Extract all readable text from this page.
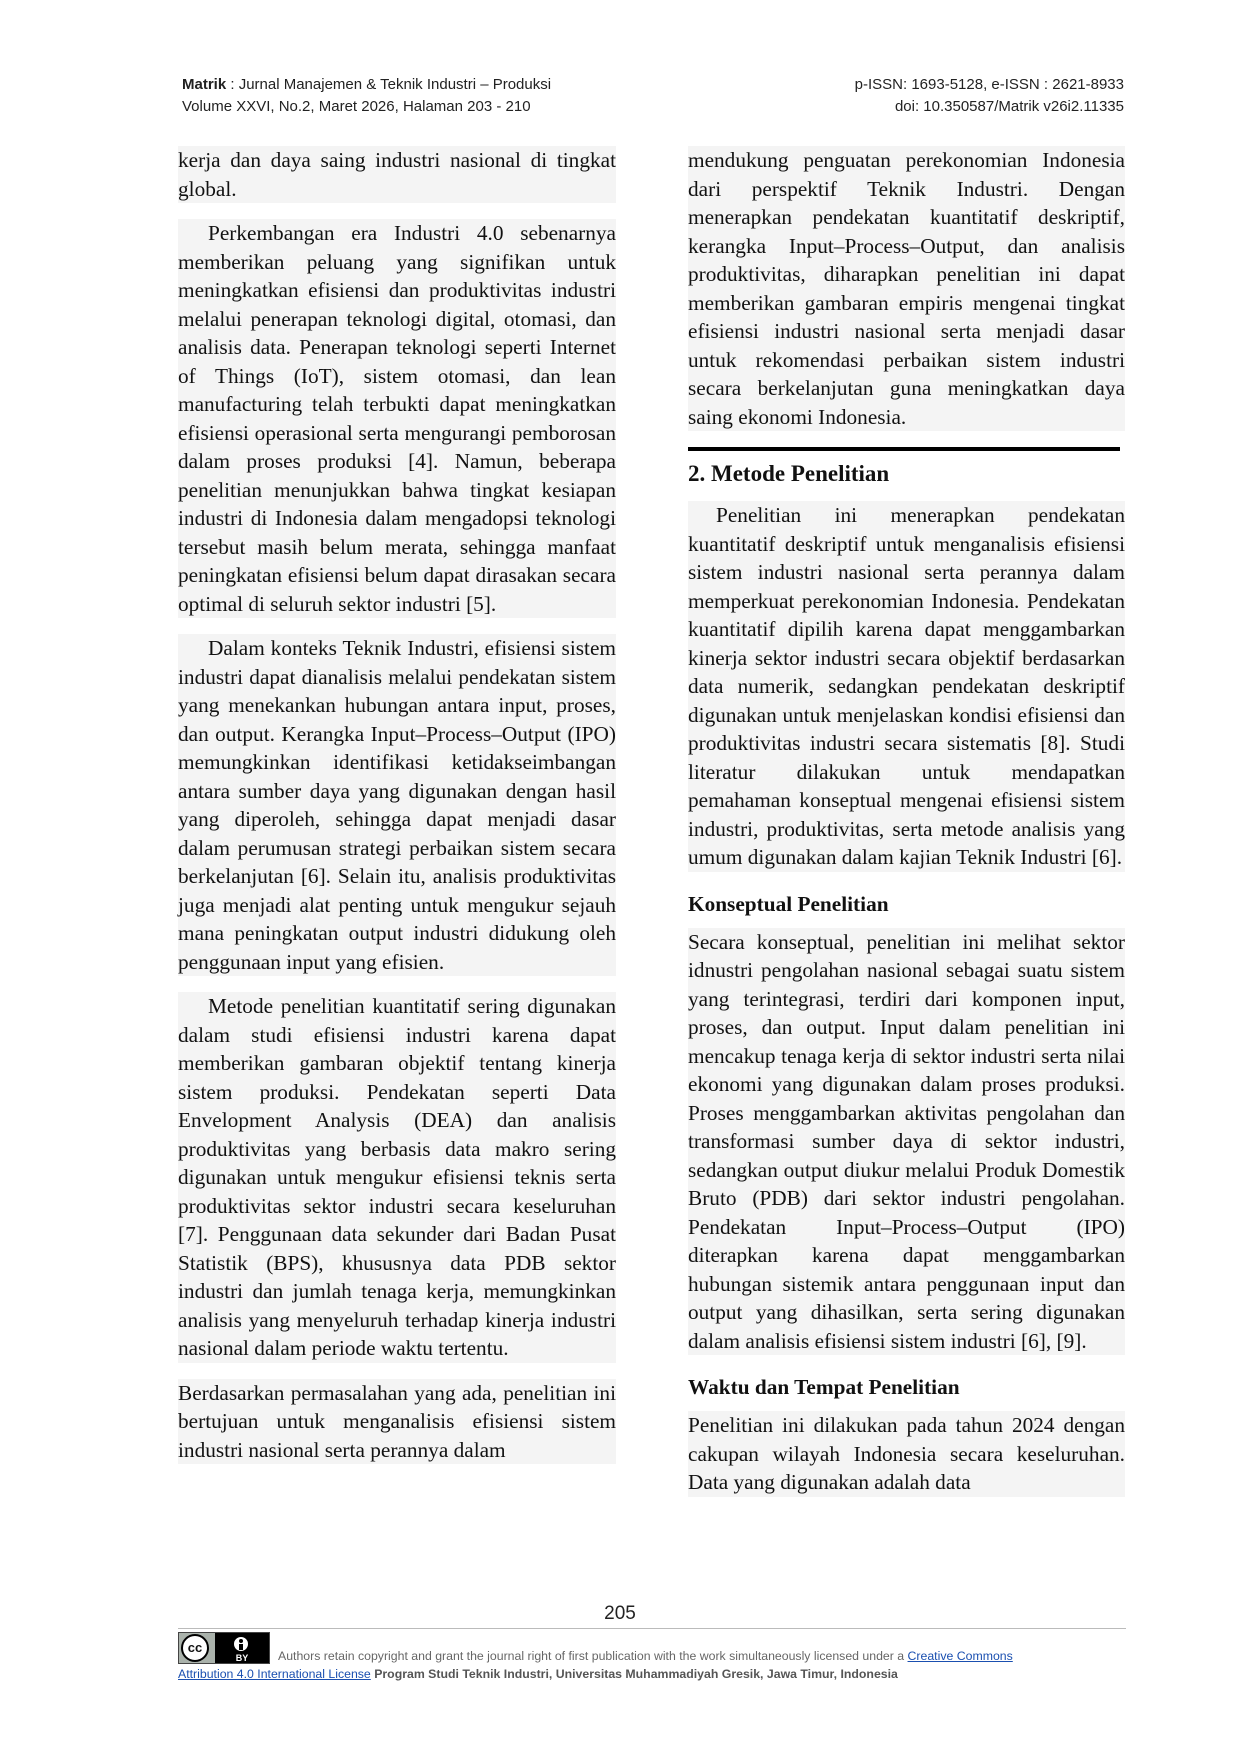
Matrik : Jurnal Manajemen & Teknik Industri – Produksi
Volume XXVI, No.2, Maret 2026, Halaman 203 - 210
p-ISSN: 1693-5128, e-ISSN : 2621-8933
doi: 10.350587/Matrik v26i2.11335

kerja dan daya saing industri nasional di tingkat global.

Perkembangan era Industri 4.0 sebenarnya memberikan peluang yang signifikan untuk meningkatkan efisiensi dan produktivitas industri melalui penerapan teknologi digital, otomasi, dan analisis data. Penerapan teknologi seperti Internet of Things (IoT), sistem otomasi, dan lean manufacturing telah terbukti dapat meningkatkan efisiensi operasional serta mengurangi pemborosan dalam proses produksi [4]. Namun, beberapa penelitian menunjukkan bahwa tingkat kesiapan industri di Indonesia dalam mengadopsi teknologi tersebut masih belum merata, sehingga manfaat peningkatan efisiensi belum dapat dirasakan secara optimal di seluruh sektor industri [5].

Dalam konteks Teknik Industri, efisiensi sistem industri dapat dianalisis melalui pendekatan sistem yang menekankan hubungan antara input, proses, dan output. Kerangka Input–Process–Output (IPO) memungkinkan identifikasi ketidakseimbangan antara sumber daya yang digunakan dengan hasil yang diperoleh, sehingga dapat menjadi dasar dalam perumusan strategi perbaikan sistem secara berkelanjutan [6]. Selain itu, analisis produktivitas juga menjadi alat penting untuk mengukur sejauh mana peningkatan output industri didukung oleh penggunaan input yang efisien.

Metode penelitian kuantitatif sering digunakan dalam studi efisiensi industri karena dapat memberikan gambaran objektif tentang kinerja sistem produksi. Pendekatan seperti Data Envelopment Analysis (DEA) dan analisis produktivitas yang berbasis data makro sering digunakan untuk mengukur efisiensi teknis serta produktivitas sektor industri secara keseluruhan [7]. Penggunaan data sekunder dari Badan Pusat Statistik (BPS), khususnya data PDB sektor industri dan jumlah tenaga kerja, memungkinkan analisis yang menyeluruh terhadap kinerja industri nasional dalam periode waktu tertentu.

Berdasarkan permasalahan yang ada, penelitian ini bertujuan untuk menganalisis efisiensi sistem industri nasional serta perannya dalam

mendukung penguatan perekonomian Indonesia dari perspektif Teknik Industri. Dengan menerapkan pendekatan kuantitatif deskriptif, kerangka Input–Process–Output, dan analisis produktivitas, diharapkan penelitian ini dapat memberikan gambaran empiris mengenai tingkat efisiensi industri nasional serta menjadi dasar untuk rekomendasi perbaikan sistem industri secara berkelanjutan guna meningkatkan daya saing ekonomi Indonesia.

2. Metode Penelitian

Penelitian ini menerapkan pendekatan kuantitatif deskriptif untuk menganalisis efisiensi sistem industri nasional serta perannya dalam memperkuat perekonomian Indonesia. Pendekatan kuantitatif dipilih karena dapat menggambarkan kinerja sektor industri secara objektif berdasarkan data numerik, sedangkan pendekatan deskriptif digunakan untuk menjelaskan kondisi efisiensi dan produktivitas industri secara sistematis [8]. Studi literatur dilakukan untuk mendapatkan pemahaman konseptual mengenai efisiensi sistem industri, produktivitas, serta metode analisis yang umum digunakan dalam kajian Teknik Industri [6].

Konseptual Penelitian

Secara konseptual, penelitian ini melihat sektor idnustri pengolahan nasional sebagai suatu sistem yang terintegrasi, terdiri dari komponen input, proses, dan output. Input dalam penelitian ini mencakup tenaga kerja di sektor industri serta nilai ekonomi yang digunakan dalam proses produksi. Proses menggambarkan aktivitas pengolahan dan transformasi sumber daya di sektor industri, sedangkan output diukur melalui Produk Domestik Bruto (PDB) dari sektor industri pengolahan. Pendekatan Input–Process–Output (IPO) diterapkan karena dapat menggambarkan hubungan sistemik antara penggunaan input dan output yang dihasilkan, serta sering digunakan dalam analisis efisiensi sistem industri [6], [9].

Waktu dan Tempat Penelitian

Penelitian ini dilakukan pada tahun 2024 dengan cakupan wilayah Indonesia secara keseluruhan. Data yang digunakan adalah data

205
cc
BY	Authors retain copyright and grant the journal right of first publication with the work simultaneously licensed under a Creative Commons
Attribution 4.0 International License Program Studi Teknik Industri, Universitas Muhammadiyah Gresik, Jawa Timur, Indonesia
